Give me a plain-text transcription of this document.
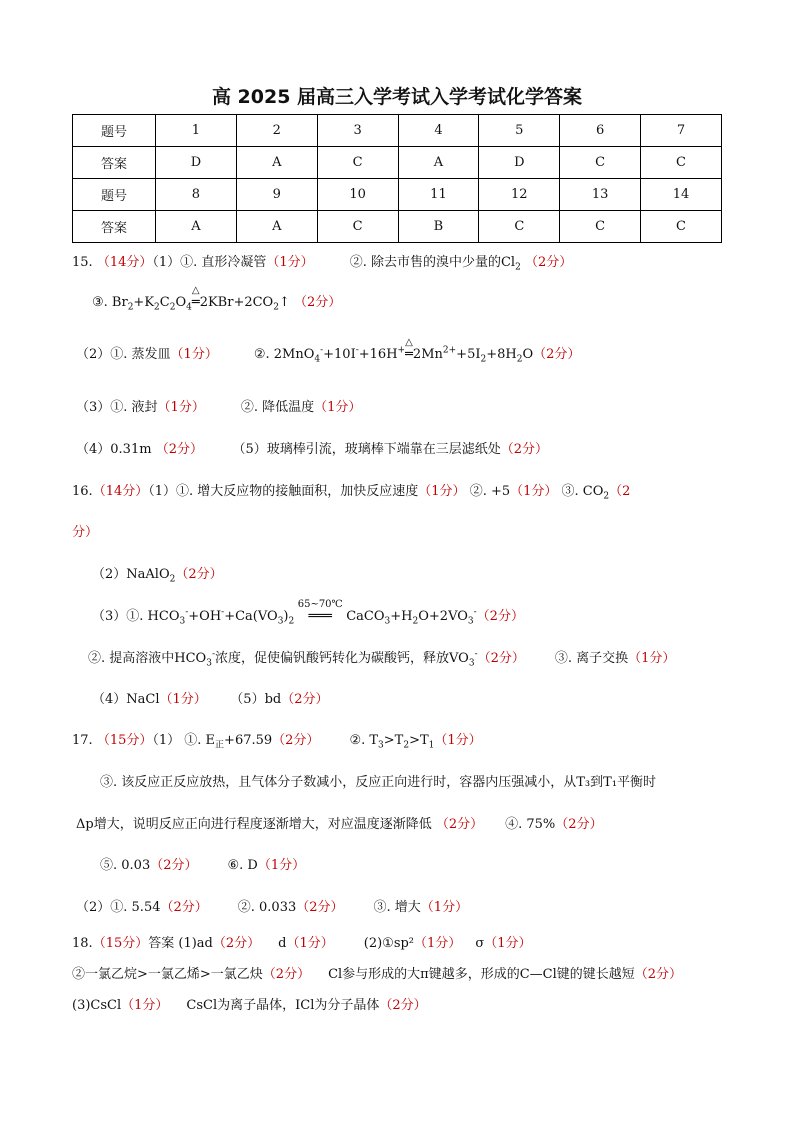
高 2025 届高三入学考试入学考试化学答案
题号	1	2	3	4	5	6	7
答案	D	A	C	A	D	C	C
题号	8	9	10	11	12	13	14
答案	A	A	C	B	C	C	C
15. （14分）（1）①. 直形冷凝管（1分）	②. 除去市售的溴中少量的$Cl_2$ （2分）
③. $Br_2+K_2C_2O_4$
△
$═2KBr+2CO_2↑$ （2分）
（2）①. 蒸发皿（1分）	②. 2MnO$_4$-+10I-+16H+
△
$═2Mn^{2+}+5I_2+8H_2O(2$分）
（3）①. 液封（1分）	②. 降低温度（1分）
（4）0.31m （2分）	（5）玻璃棒引流，玻璃棒下端靠在三层滤纸处（2分）
16.（14分）（1）①. 增大反应物的接触面积，加快反应速度（1分） ②. +5（1分） ③. $CO_2(2$
分）
（2）NaAlO$_2$（2分）
（3）①. $HCO_3^-+OH^-+Ca(VO_3)_2$
65~70℃
═══ $CaCO_3+H_2O+2VO_3^-(2$分）
②. 提高溶液中$HCO_3^-$浓度，促使偏钒酸钙转化为碳酸钙，释放$VO_3^-(2$分） ③. 离子交换（1分）
（4）NaCl（1分） （5）bd（2分）
17. （15分）（1） ①. $E_正+67.59(2$分） ②. $T_3>T_2>T_1(1$分）
③. 该反应正反应放热，且气体分子数减小，反应正向进行时，容器内压强减小，从T₃到T₁平衡时
Δp增大，说明反应正向进行程度逐渐增大，对应温度逐渐降低 （2分） ④. 75%（2分）
⑤. 0.03（2分） ⑥. D（1分）
（2）①. 5.54（2分） ②. 0.033（2分） ③. 增大（1分）
18.（15分）答案 (1)ad（2分） d（1分） (2)①sp²（1分） σ（1分）
②一氯乙烷>一氯乙烯>一氯乙炔（2分） Cl参与形成的大π键越多，形成的C—Cl键的键长越短（2分）
(3)CsCl（1分） CsCl为离子晶体，ICl为分子晶体（2分）
